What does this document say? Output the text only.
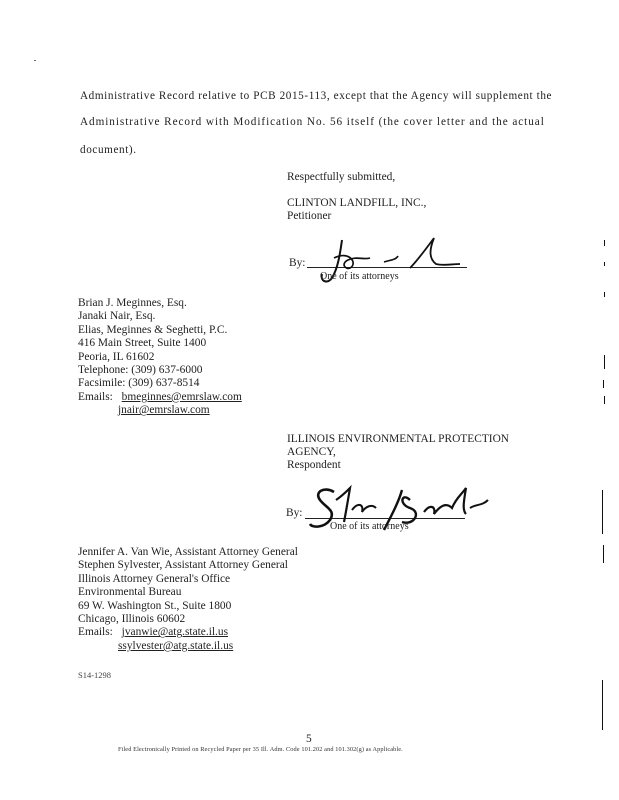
Administrative Record relative to PCB 2015-113, except that the Agency will supplement the
Administrative Record with Modification No. 56 itself (the cover letter and the actual
document).
Respectfully submitted,
CLINTON LANDFILL, INC.,
Petitioner
By:
One of its attorneys
Brian J. Meginnes, Esq.
Janaki Nair, Esq.
Elias, Meginnes & Seghetti, P.C.
416 Main Street, Suite 1400
Peoria, IL 61602
Telephone: (309) 637-6000
Facsimile: (309) 637-8514
Emails: bmeginnes@emrslaw.com
jnair@emrslaw.com
ILLINOIS ENVIRONMENTAL PROTECTION
AGENCY,
Respondent
By:
One of its attorneys
Jennifer A. Van Wie, Assistant Attorney General
Stephen Sylvester, Assistant Attorney General
Illinois Attorney General's Office
Environmental Bureau
69 W. Washington St., Suite 1800
Chicago, Illinois 60602
Emails: jvanwie@atg.state.il.us
ssylvester@atg.state.il.us
S14-1298
5
Filed Electronically Printed on Recycled Paper per 35 Ill. Adm. Code 101.202 and 101.302(g) as Applicable.
